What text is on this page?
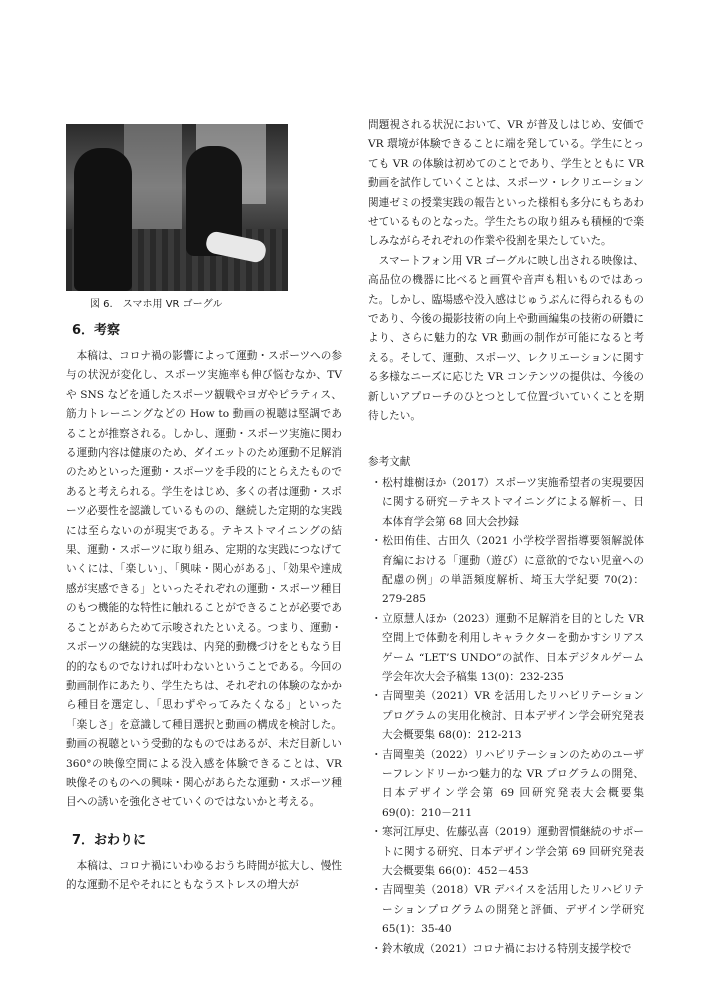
図 6.　スマホ用 VR ゴーグル
6．考察

本稿は、コロナ禍の影響によって運動・スポーツへの参与の状況が変化し、スポーツ実施率も伸び悩むなか、TV や SNS などを通したスポーツ観戦やヨガやピラティス、筋力トレーニングなどの How to 動画の視聴は堅調であることが推察される。しかし、運動・スポーツ実施に関わる運動内容は健康のため、ダイエットのため運動不足解消のためといった運動・スポーツを手段的にとらえたものであると考えられる。学生をはじめ、多くの者は運動・スポーツ必要性を認識しているものの、継続した定期的な実践には至らないのが現実である。テキストマイニングの結果、運動・スポーツに取り組み、定期的な実践につなげていくには、「楽しい」、「興味・関心がある」、「効果や達成感が実感できる」といったそれぞれの運動・スポーツ種目のもつ機能的な特性に触れることができることが必要であることがあらためて示唆されたといえる。つまり、運動・スポーツの継続的な実践は、内発的動機づけをともなう目的的なものでなければ叶わないということである。今回の動画制作にあたり、学生たちは、それぞれの体験のなかから種目を選定し、「思わずやってみたくなる」といった「楽しさ」を意識して種目選択と動画の構成を検討した。動画の視聴という受動的なものではあるが、未だ目新しい 360°の映像空間による没入感を体験できることは、VR 映像そのものへの興味・関心があらたな運動・スポーツ種目への誘いを強化させていくのではないかと考える。

7．おわりに

本稿は、コロナ禍にいわゆるおうち時間が拡大し、慢性的な運動不足やそれにともなうストレスの増大が

問題視される状況において、VR が普及しはじめ、安価で VR 環境が体験できることに端を発している。学生にとっても VR の体験は初めてのことであり、学生とともに VR 動画を試作していくことは、スポーツ・レクリエーション関連ゼミの授業実践の報告といった様相も多分にもちあわせているものとなった。学生たちの取り組みも積極的で楽しみながらそれぞれの作業や役割を果たしていた。

スマートフォン用 VR ゴーグルに映し出される映像は、高品位の機器に比べると画質や音声も粗いものではあった。しかし、臨場感や没入感はじゅうぶんに得られるものであり、今後の撮影技術の向上や動画編集の技術の研鑽により、さらに魅力的な VR 動画の制作が可能になると考える。そして、運動、スポーツ、レクリエーションに関する多様なニーズに応じた VR コンテンツの提供は、今後の新しいアプローチのひとつとして位置づいていくことを期待したい。

参考文献
・松村雄樹ほか（2017）スポーツ実施希望者の実現要因に関する研究－テキストマイニングによる解析－、日本体育学会第 68 回大会抄録
・松田侑佳、古田久（2021 小学校学習指導要領解説体育編における「運動（遊び）に意欲的でない児童への配慮の例」の単語頻度解析、埼玉大学紀要 70(2)：279-285
・立原慧人ほか（2023）運動不足解消を目的とした VR 空間上で体動を利用しキャラクターを動かすシリアスゲーム “LET’S UNDO”の試作、日本デジタルゲーム学会年次大会予稿集 13(0)：232-235
・吉岡聖美（2021）VR を活用したリハビリテーションプログラムの実用化検討、日本デザイン学会研究発表大会概要集 68(0)：212-213
・吉岡聖美（2022）リハビリテーションのためのユーザーフレンドリーかつ魅力的な VR プログラムの開発、日本デザイン学会第 69 回研究発表大会概要集 69(0)：210－211
・寒河江厚史、佐藤弘喜（2019）運動習慣継続のサポートに関する研究、日本デザイン学会第 69 回研究発表大会概要集 66(0)：452－453
・吉岡聖美（2018）VR デバイスを活用したリハビリテーションプログラムの開発と評価、デザイン学研究 65(1)：35-40
・鈴木敏成（2021）コロナ禍における特別支援学校で
